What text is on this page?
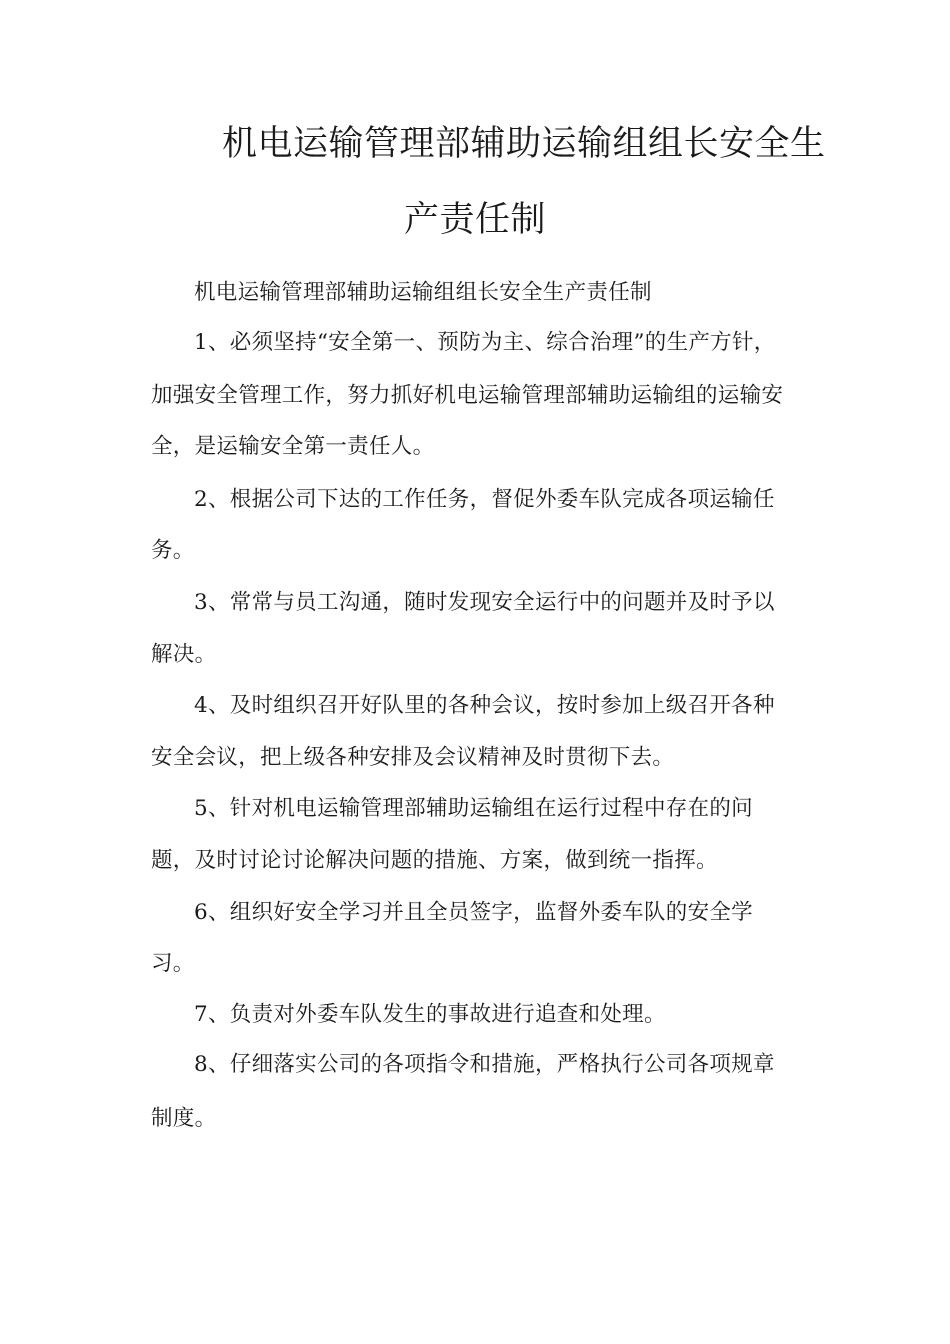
机电运输管理部辅助运输组组长安全生
产责任制
机电运输管理部辅助运输组组长安全生产责任制
1、必须坚持“安全第一、预防为主、综合治理”的生产方针，
加强安全管理工作，努力抓好机电运输管理部辅助运输组的运输安
全，是运输安全第一责任人。
2、根据公司下达的工作任务，督促外委车队完成各项运输任
务。
3、常常与员工沟通，随时发现安全运行中的问题并及时予以
解决。
4、及时组织召开好队里的各种会议，按时参加上级召开各种
安全会议，把上级各种安排及会议精神及时贯彻下去。
5、针对机电运输管理部辅助运输组在运行过程中存在的问
题，及时讨论讨论解决问题的措施、方案，做到统一指挥。
6、组织好安全学习并且全员签字，监督外委车队的安全学
习。
7、负责对外委车队发生的事故进行追查和处理。
8、仔细落实公司的各项指令和措施，严格执行公司各项规章
制度。
